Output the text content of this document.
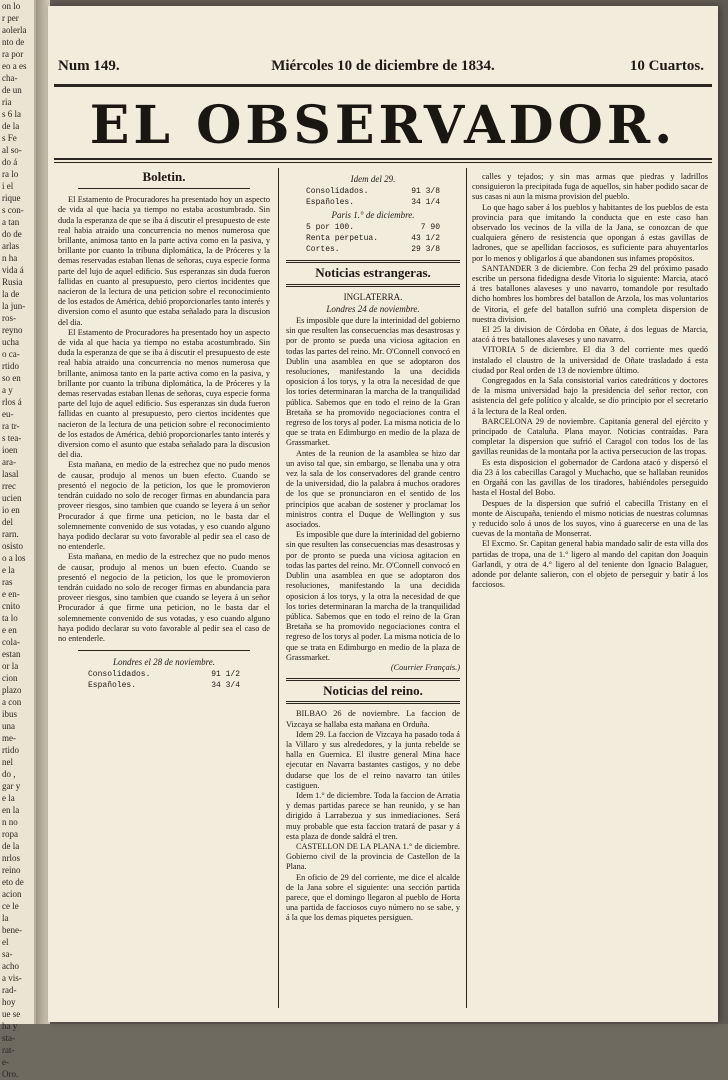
on lo
r per
aolerla
nto de
ra por
eo a es
cha-
de un
ria
s 6 la
de la
s Fe
al so-
do á
ra lo
i el
rique
s con-
a tan
do de
arlas
n ha
vida á
Rusia
la de
la jun-
ros-
reyno
ucha
o ca-
rtido
so en
a y
rlos á
eu-
ra tr-
s tea-
ioen
ara-
lasal
rrec
ucien
io en
del
rarn.
osisto
o a los
e la
ras
e en-
cnito
ta lo
e en
cola-
estan
or la
cion
plazo
a con
ibus
una
me-
rtido
nel
do ,
gar y
e la
en la
n no
ropa
de la
nrlos
reino
eto de
acion
ce le
la
bene-
el
sa-
acho
a vis-
rad-
hoy
ue se
ha y
sta-
rat-
e-
Oro.
Num 149.	Miércoles 10 de diciembre de 1834.	10 Cuartos.
EL OBSERVADOR.
Boletin.

El Estamento de Procuradores ha presentado hoy un aspecto de vida al que hacia ya tiempo no estaba acostumbrado. Sin duda la esperanza de que se iba á discutir el presupuesto de este real habia atraido una concurrencia no menos numerosa que brillante, animosa tanto en la parte activa como en la pasiva, y brillante por cuanto la tribuna diplomática, la de Próceres y la demas reservadas estaban llenas de señoras, cuya especie forma parte del lujo de aquel ediﬁcio. Sus esperanzas sin duda fueron fallidas en cuanto al presupuesto, pero ciertos incidentes que nacieron de la lectura de una peticion sobre el reconocimiento de los estados de América, debió proporcionarles tanto interés y diversion como el asunto que estaba señalado para la discusion del dia.

El Estamento de Procuradores ha presentado hoy un aspecto de vida al que hacia ya tiempo no estaba acostumbrado. Sin duda la esperanza de que se iba á discutir el presupuesto de este real habia atraido una concurrencia no menos numerosa que brillante, animosa tanto en la parte activa como en la pasiva, y brillante por cuanto la tribuna diplomática, la de Próceres y la demas reservadas estaban llenas de señoras, cuya especie forma parte del lujo de aquel ediﬁcio. Sus esperanzas sin duda fueron fallidas en cuanto al presupuesto, pero ciertos incidentes que nacieron de la lectura de una peticion sobre el reconocimiento de los estados de América, debió proporcionarles tanto interés y diversion como el asunto que estaba señalado para la discusion del dia.

Esta mañana, en medio de la estrechez que no pudo menos de causar, produjo al menos un buen efecto. Cuando se presentó el negocio de la peticion, los que le promovieron tendrán cuidado no solo de recoger firmas en abundancia para proveer riesgos, sino tambien que cuando se leyera á un señor Procurador á que firme una peticion, no le basta dar el solemnemente convenido de sus votadas, y eso cuando alguno haya podido declarar su voto favorable al pedir sea el caso de no entenderle.

Esta mañana, en medio de la estrechez que no pudo menos de causar, produjo al menos un buen efecto. Cuando se presentó el negocio de la peticion, los que le promovieron tendrán cuidado no solo de recoger firmas en abundancia para proveer riesgos, sino tambien que cuando se leyera á un señor Procurador á que firme una peticion, no le basta dar el solemnemente convenido de sus votadas, y eso cuando alguno haya podido declarar su voto favorable al pedir sea el caso de no entenderle.

Londres el 28 de noviembre.
Consolidados.	91 1/2
Españoles.	34 3/4
Idem del 29.
Consolidados.	91 3/8
Españoles.	34 1/4
Paris 1.° de diciembre.
5 por 100.	7 90
Renta perpetua.	43 1/2
Cortes.	29 3/8
Noticias estrangeras.
INGLATERRA.
Londres 24 de noviembre.

Es imposible que dure la interinidad del gobierno sin que resulten las consecuencias mas desastrosas y por de pronto se pueda una viciosa agitacion en todas las partes del reino. Mr. O'Connell convocó en Dublin una asamblea en que se adoptaron dos resoluciones, manifestando la una decidida oposicion á los torys, y la otra la necesidad de que los tories determinaran la marcha de la tranquilidad pública. Sabemos que en todo el reino de la Gran Bretaña se ha promovido negociaciones contra el regreso de los torys al poder. La misma noticia de lo que se trata en Edimburgo en medio de la plaza de Grassmarket.

Antes de la reunion de la asamblea se hizo dar un aviso tal que, sin embargo, se llenaba una y otra vez la sala de los conservadores del grande centro de la universidad, dio la palabra á muchos oradores de los que se pronunciaron en el sentido de los principios que acaban de sostener y proclamar los ministros contra el Duque de Wellington y sus asociados.

Es imposible que dure la interinidad del gobierno sin que resulten las consecuencias mas desastrosas y por de pronto se pueda una viciosa agitacion en todas las partes del reino. Mr. O'Connell convocó en Dublin una asamblea en que se adoptaron dos resoluciones, manifestando la una decidida oposicion á los torys, y la otra la necesidad de que los tories determinaran la marcha de la tranquilidad pública. Sabemos que en todo el reino de la Gran Bretaña se ha promovido negociaciones contra el regreso de los torys al poder. La misma noticia de lo que se trata en Edimburgo en medio de la plaza de Grassmarket.

(Courrier Français.)
Noticias del reino.

BILBAO 26 de noviembre. La faccion de Vizcaya se hallaba esta mañana en Orduña.

Idem 29. La faccion de Vizcaya ha pasado toda á la Villaro y sus alrededores, y la junta rebelde se halla en Guernica. El ilustre general Mina hace ejecutar en Navarra bastantes castigos, y no debe dudarse que los de el reino navarro tan útiles castiguen.

Idem 1.° de diciembre. Toda la faccion de Arratia y demas partidas parece se han reunido, y se han dirigido á Larrabezua y sus inmediaciones. Será muy probable que esta faccion tratará de pasar y á esta plaza de donde saldrá el tren.

CASTELLON DE LA PLANA 1.° de diciembre. Gobierno civil de la provincia de Castellon de la Plana.

En oficio de 29 del corriente, me dice el alcalde de la Jana sobre el siguiente: una sección partida parece, que el domingo llegaron al pueblo de Horta una partida de facciosos cuyo número no se sabe, y á la que los demas piquetes persiguen.

calles y tejados; y sin mas armas que piedras y ladrillos consiguieron la precipitada fuga de aquellos, sin haber podido sacar de sus casas ni aun la misma provision del pueblo.

Lo que hago saber á los pueblos y habitantes de los pueblos de esta provincia para que imitando la conducta que en este caso han observado los vecinos de la villa de la Jana, se conozcan de que cualquiera género de resistencia que opongan á estas gavillas de ladrones, que se apellidan facciosos, es suficiente para ahuyentarlos por lo menos y obligarlos á que abandonen sus infames propósitos.

SANTANDER 3 de diciembre. Con fecha 29 del próximo pasado escribe un persona fidedigna desde Vitoria lo siguiente: Marcia, atacó á tres batallones alaveses y uno navarro, tomandole por resultado dicho hombres los hombres del batallon de Arzola, los mas voluntarios de Vitoria, el gefe del batallon sufrió una completa dispersion de nuestra division.

El 25 la division de Córdoba en Oñate, á dos leguas de Marcia, atacó á tres batallones alaveses y uno navarro.

VITORIA 5 de diciembre. El dia 3 del corriente mes quedó instalado el claustro de la universidad de Oñate trasladado á esta ciudad por Real orden de 13 de noviembre último.

Congregados en la Sala consistorial varios catedráticos y doctores de la misma universidad bajo la presidencia del señor rector, con asistencia del gefe político y alcalde, se dio principio por el secretario á la lectura de la Real orden.

BARCELONA 29 de noviembre. Capitanía general del ejército y principado de Cataluña. Plana mayor. Noticias contraídas. Para completar la dispersion que sufrió el Caragol con todos los de las gavillas reunidas de la montaña por la activa persecucion de las tropas.

Es esta disposicion el gobernador de Cardona atacó y dispersó el dia 23 á los cabecillas Caragol y Muchacho, que se hallaban reunidos en Orgañá con las gavillas de los tiradores, habiéndoles perseguido hasta el Hostal del Bobo.

Despues de la dispersion que sufrió el cabecilla Tristany en el monte de Aiscupaña, teniendo el mismo noticias de nuestras columnas y reducido solo á unos de los suyos, vino á guarecerse en una de las cuevas de la montaña de Monserrat.

El Excmo. Sr. Capitan general habia mandado salir de esta villa dos partidas de tropa, una de 1.° ligero al mando del capitan don Joaquin Garlandi, y otra de 4.° ligero al del teniente don Ignacio Balaguer, adonde por delante salieron, con el objeto de perseguir y batir á los facciosos.
